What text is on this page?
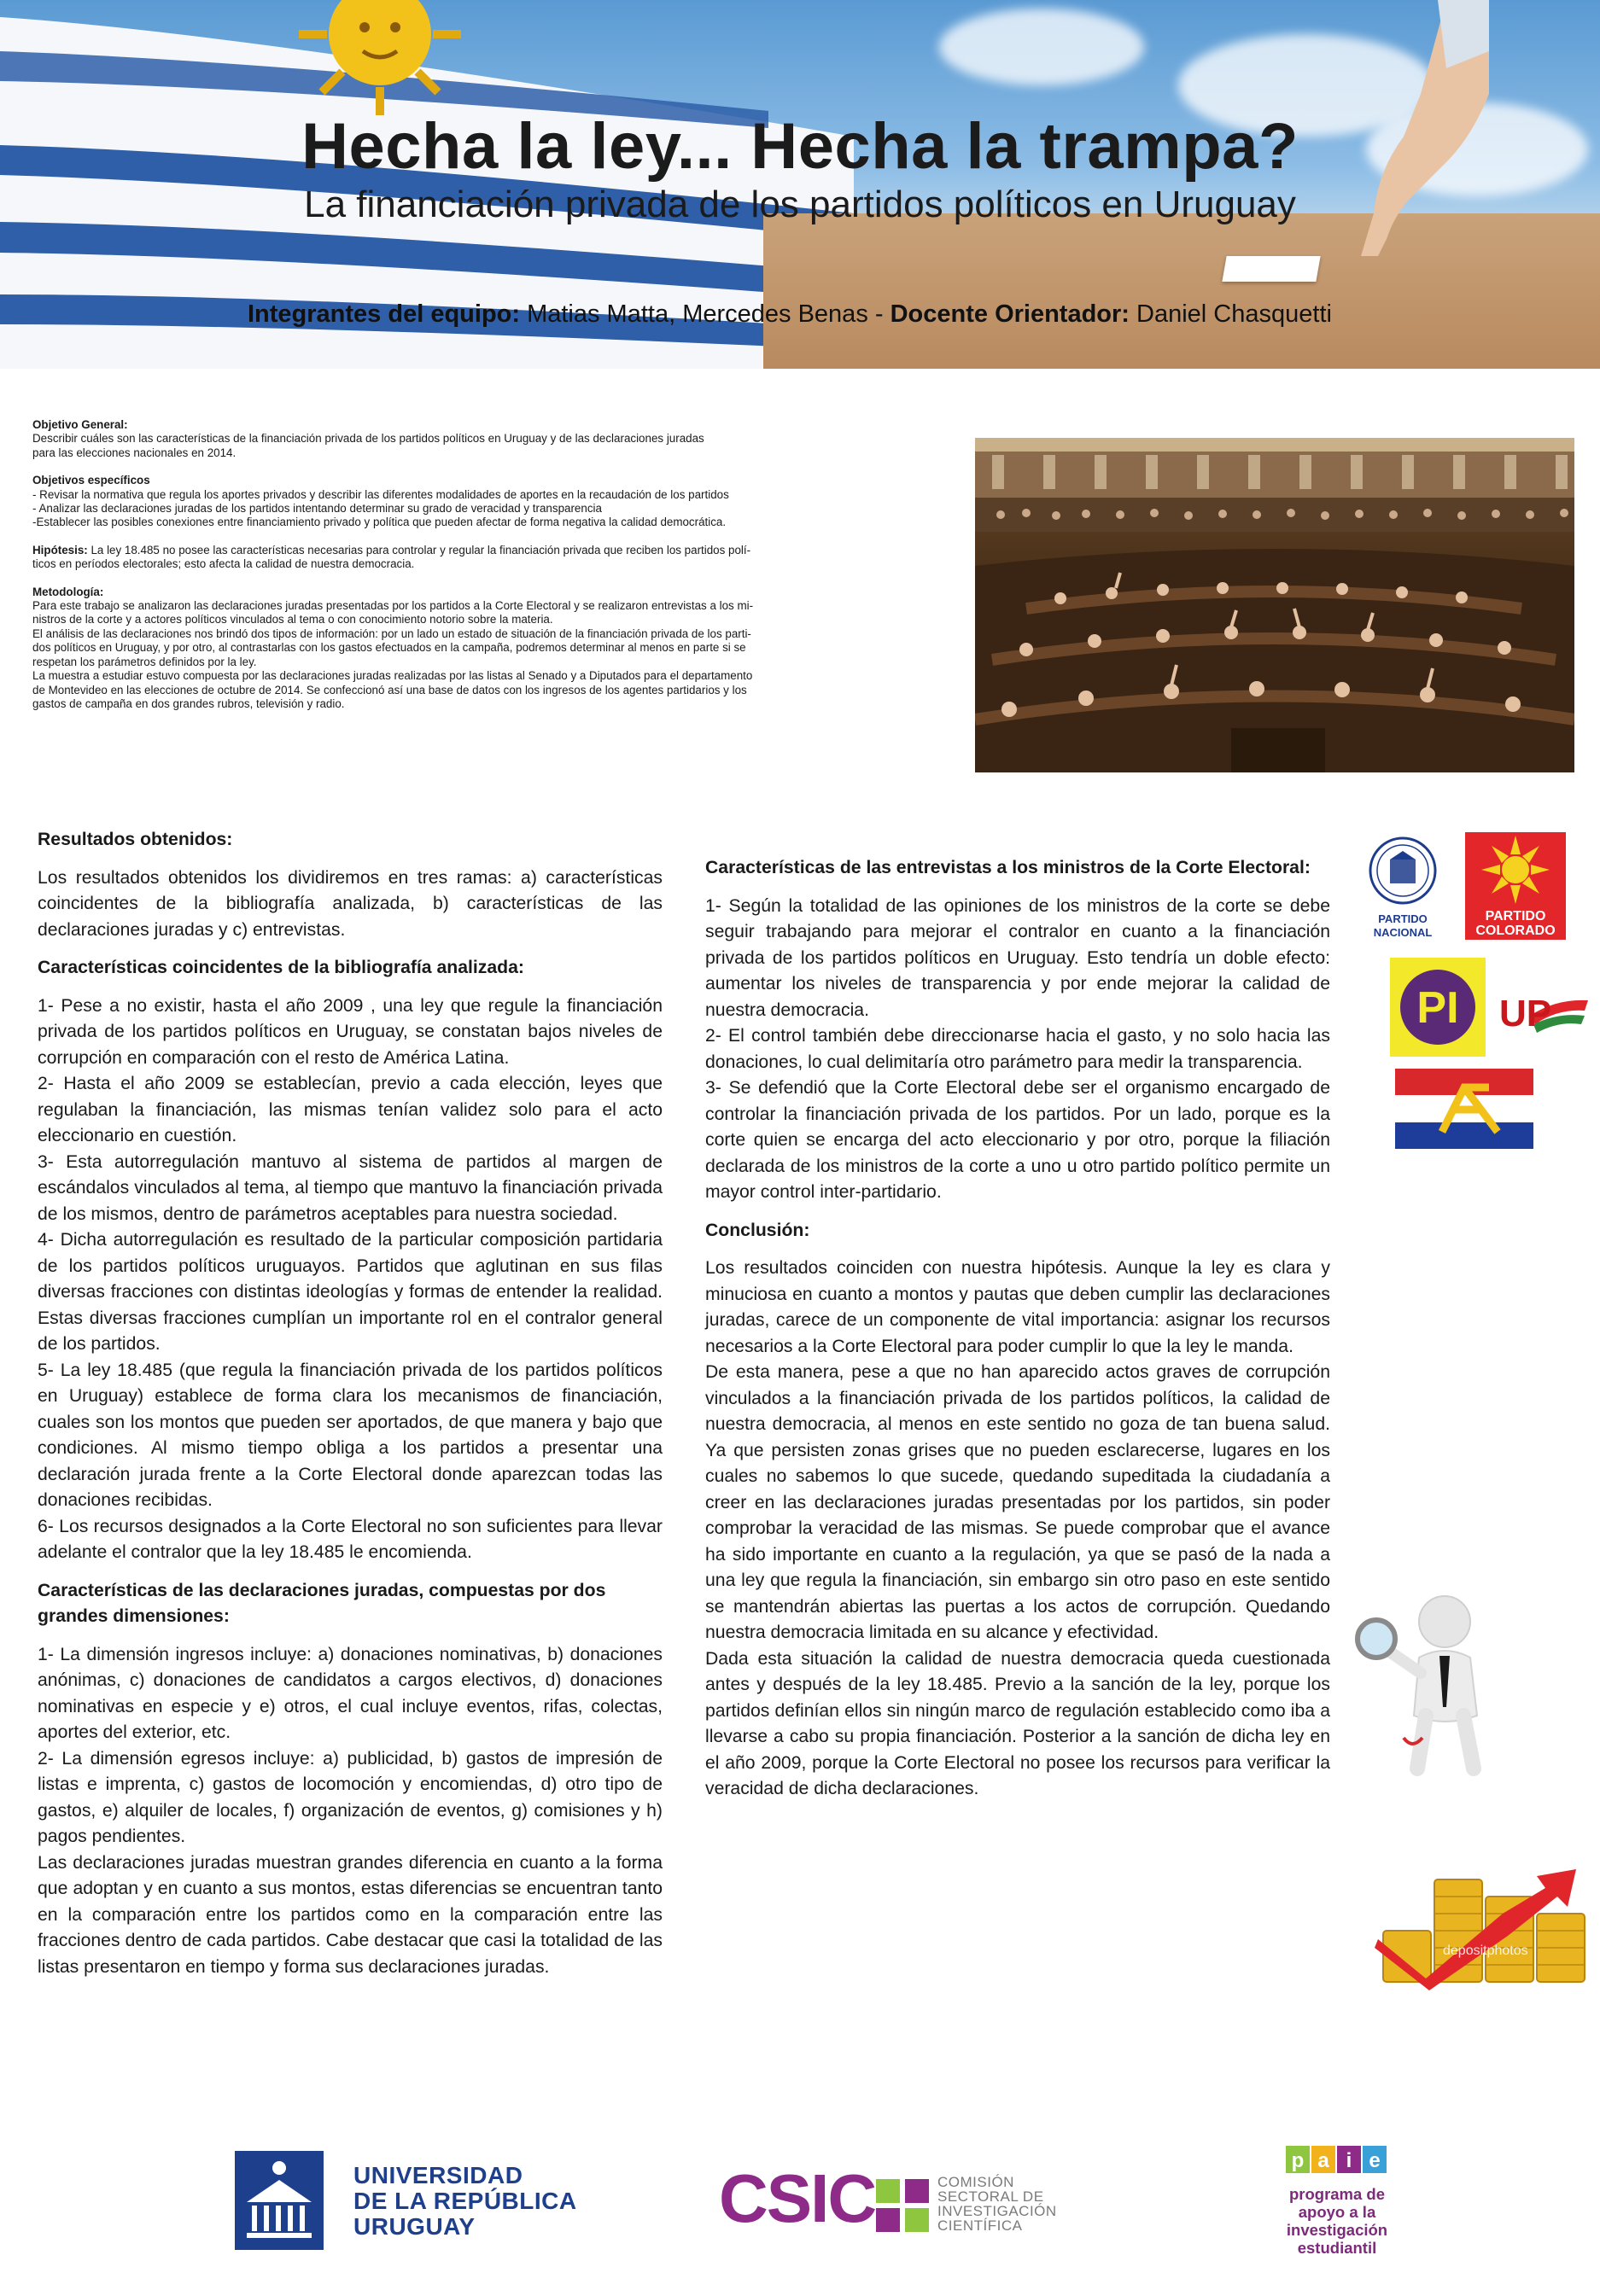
Hecha la ley... Hecha la trampa?
La financiación privada de los partidos políticos en Uruguay
Integrantes del equipo: Matias Matta, Mercedes Benas - Docente Orientador: Daniel Chasquetti

Objetivo General:

Describir cuáles son las características de la financiación privada de los partidos políticos en Uruguay y de las declaraciones juradas

para las elecciones nacionales en 2014.

Objetivos específicos

- Revisar la normativa que regula los aportes privados y describir las diferentes modalidades de aportes en la recaudación de los partidos

- Analizar las declaraciones juradas de los partidos intentando determinar su grado de veracidad y transparencia

-Establecer las posibles conexiones entre financiamiento privado y política que pueden afectar de forma negativa la calidad democrática.

Hipótesis: La ley 18.485 no posee las características necesarias para controlar y regular la financiación privada que reciben los partidos polí-

ticos en períodos electorales; esto afecta la calidad de nuestra democracia.

Metodología:

Para este trabajo se analizaron las declaraciones juradas presentadas por los partidos a la Corte Electoral y se realizaron entrevistas a los mi-

nistros de la corte y a actores políticos vinculados al tema o con conocimiento notorio sobre la materia.

El análisis de las declaraciones nos brindó dos tipos de información: por un lado un estado de situación de la financiación privada de los parti-

dos políticos en Uruguay, y por otro, al contrastarlas con los gastos efectuados en la campaña, podremos determinar al menos en parte si se

respetan los parámetros definidos por la ley.

La muestra a estudiar estuvo compuesta por las declaraciones juradas realizadas por las listas al Senado y a Diputados para el departamento

de Montevideo en las elecciones de octubre de 2014. Se confeccionó así una base de datos con los ingresos de los agentes partidarios y los

gastos de campaña en dos grandes rubros, televisión y radio.

Resultados obtenidos:

Los resultados obtenidos los dividiremos en tres ramas: a) características coincidentes de la bibliografía analizada, b) características de las declaraciones juradas y c) entrevistas.

Características coincidentes de la bibliografía analizada:

1- Pese a no existir, hasta el año 2009 , una ley que regule la financiación privada de los partidos políticos en Uruguay, se constatan bajos niveles de corrupción en comparación con el resto de América Latina.

2- Hasta el año 2009 se establecían, previo a cada elección, leyes que regulaban la financiación, las mismas tenían validez solo para el acto eleccionario en cuestión.

3- Esta autorregulación mantuvo al sistema de partidos al margen de escándalos vinculados al tema, al tiempo que mantuvo la financiación privada de los mismos, dentro de parámetros aceptables para nuestra sociedad.

4- Dicha autorregulación es resultado de la particular composición partidaria de los partidos políticos uruguayos. Partidos que aglutinan en sus filas diversas fracciones con distintas ideologías y formas de entender la realidad. Estas diversas fracciones cumplían un importante rol en el contralor general de los partidos.

5- La ley 18.485 (que regula la financiación privada de los partidos políticos en Uruguay) establece de forma clara los mecanismos de financiación, cuales son los montos que pueden ser aportados, de que manera y bajo que condiciones. Al mismo tiempo obliga a los partidos a presentar una declaración jurada frente a la Corte Electoral donde aparezcan todas las donaciones recibidas.

6- Los recursos designados a la Corte Electoral no son suficientes para llevar adelante el contralor que la ley 18.485 le encomienda.

Características de las declaraciones juradas, compuestas por dos grandes dimensiones:

1- La dimensión ingresos incluye: a) donaciones nominativas, b) donaciones anónimas, c) donaciones de candidatos a cargos electivos, d) donaciones nominativas en especie y e) otros, el cual incluye eventos, rifas, colectas, aportes del exterior, etc.

2- La dimensión egresos incluye: a) publicidad, b) gastos de impresión de listas e imprenta, c) gastos de locomoción y encomiendas, d) otro tipo de gastos, e) alquiler de locales, f) organización de eventos, g) comisiones y h) pagos pendientes.

Las declaraciones juradas muestran grandes diferencia en cuanto a la forma que adoptan y en cuanto a sus montos, estas diferencias se encuentran tanto en la comparación entre los partidos como en la comparación entre las fracciones dentro de cada partidos. Cabe destacar que casi la totalidad de las listas presentaron en tiempo y forma sus declaraciones juradas.

Características de las entrevistas a los ministros de la Corte Electoral:

1- Según la totalidad de las opiniones de los ministros de la corte se debe seguir trabajando para mejorar el contralor en cuanto a la financiación privada de los partidos políticos en Uruguay. Esto tendría un doble efecto: aumentar los niveles de transparencia y por ende mejorar la calidad de nuestra democracia.

2- El control también debe direccionarse hacia el gasto, y no solo hacia las donaciones, lo cual delimitaría otro parámetro para medir la transparencia.

3- Se defendió que la Corte Electoral debe ser el organismo encargado de controlar la financiación privada de los partidos. Por un lado, porque es la corte quien se encarga del acto eleccionario y por otro, porque la filiación declarada de los ministros de la corte a uno u otro partido político permite un mayor control inter-partidario.

Conclusión:

Los resultados coinciden con nuestra hipótesis. Aunque la ley es clara y minuciosa en cuanto a montos y pautas que deben cumplir las declaraciones juradas, carece de un componente de vital importancia: asignar los recursos necesarios a la Corte Electoral para poder cumplir lo que la ley le manda.

De esta manera, pese a que no han aparecido actos graves de corrupción vinculados a la financiación privada de los partidos políticos, la calidad de nuestra democracia, al menos en este sentido no goza de tan buena salud. Ya que persisten zonas grises que no pueden esclarecerse, lugares en los cuales no sabemos lo que sucede, quedando supeditada la ciudadanía a creer en las declaraciones juradas presentadas por los partidos, sin poder comprobar la veracidad de las mismas. Se puede comprobar que el avance ha sido importante en cuanto a la regulación, ya que se pasó de la nada a una ley que regula la financiación, sin embargo sin otro paso en este sentido se mantendrán abiertas las puertas a los actos de corrupción. Quedando nuestra democracia limitada en su alcance y efectividad.

Dada esta situación la calidad de nuestra democracia queda cuestionada antes y después de la ley 18.485. Previo a la sanción de la ley, porque los partidos definían ellos sin ningún marco de regulación establecido como iba a llevarse a cabo su propia financiación. Posterior a la sanción de dicha ley en el año 2009, porque la Corte Electoral no posee los recursos para verificar la veracidad de dicha declaraciones.

PARTIDO
NACIONAL
PARTIDO
COLORADO
PI UP
depositphotos
UNIVERSIDAD
DE LA REPÚBLICA
URUGUAY	CSIC	COMISIÓN
SECTORAL DE
INVESTIGACIÓN
CIENTÍFICA
p a i e
programa de
apoyo a la
investigación
estudiantil
